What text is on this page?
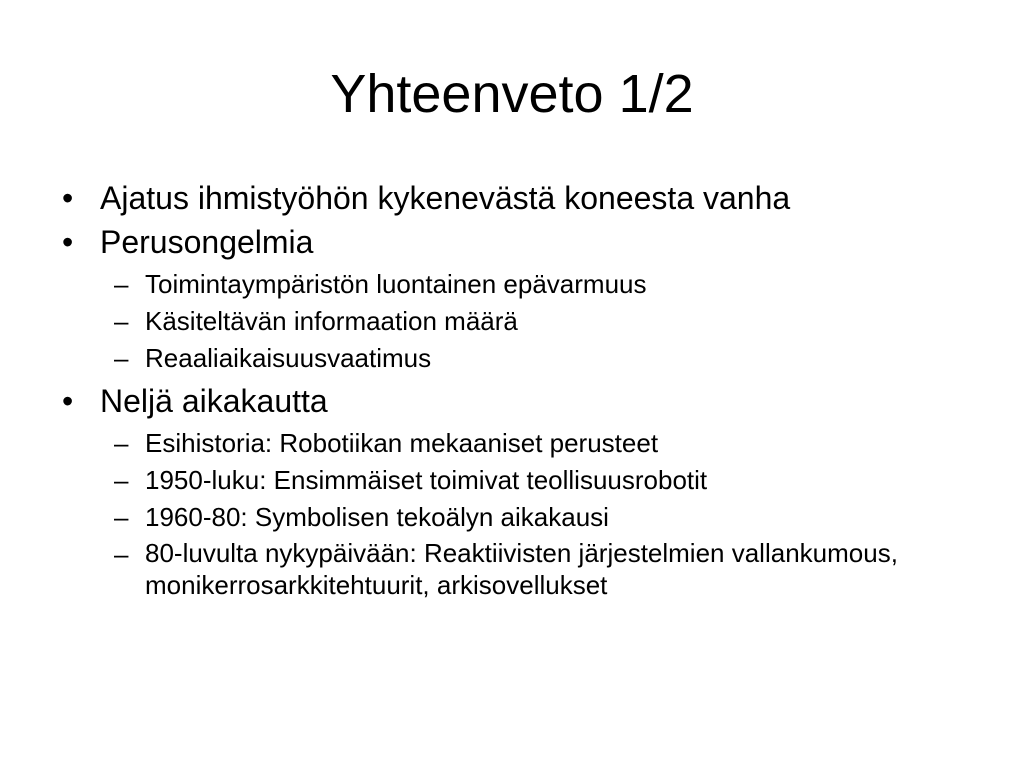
Yhteenveto 1/2
• Ajatus ihmistyöhön kykenevästä koneesta vanha
• Perusongelmia
– Toimintaympäristön luontainen epävarmuus
– Käsiteltävän informaation määrä
– Reaaliaikaisuusvaatimus
• Neljä aikakautta
– Esihistoria: Robotiikan mekaaniset perusteet
– 1950-luku: Ensimmäiset toimivat teollisuusrobotit
– 1960-80: Symbolisen tekoälyn aikakausi
– 80-luvulta nykypäivään: Reaktiivisten järjestelmien vallankumous, monikerrosarkkitehtuurit, arkisovellukset
